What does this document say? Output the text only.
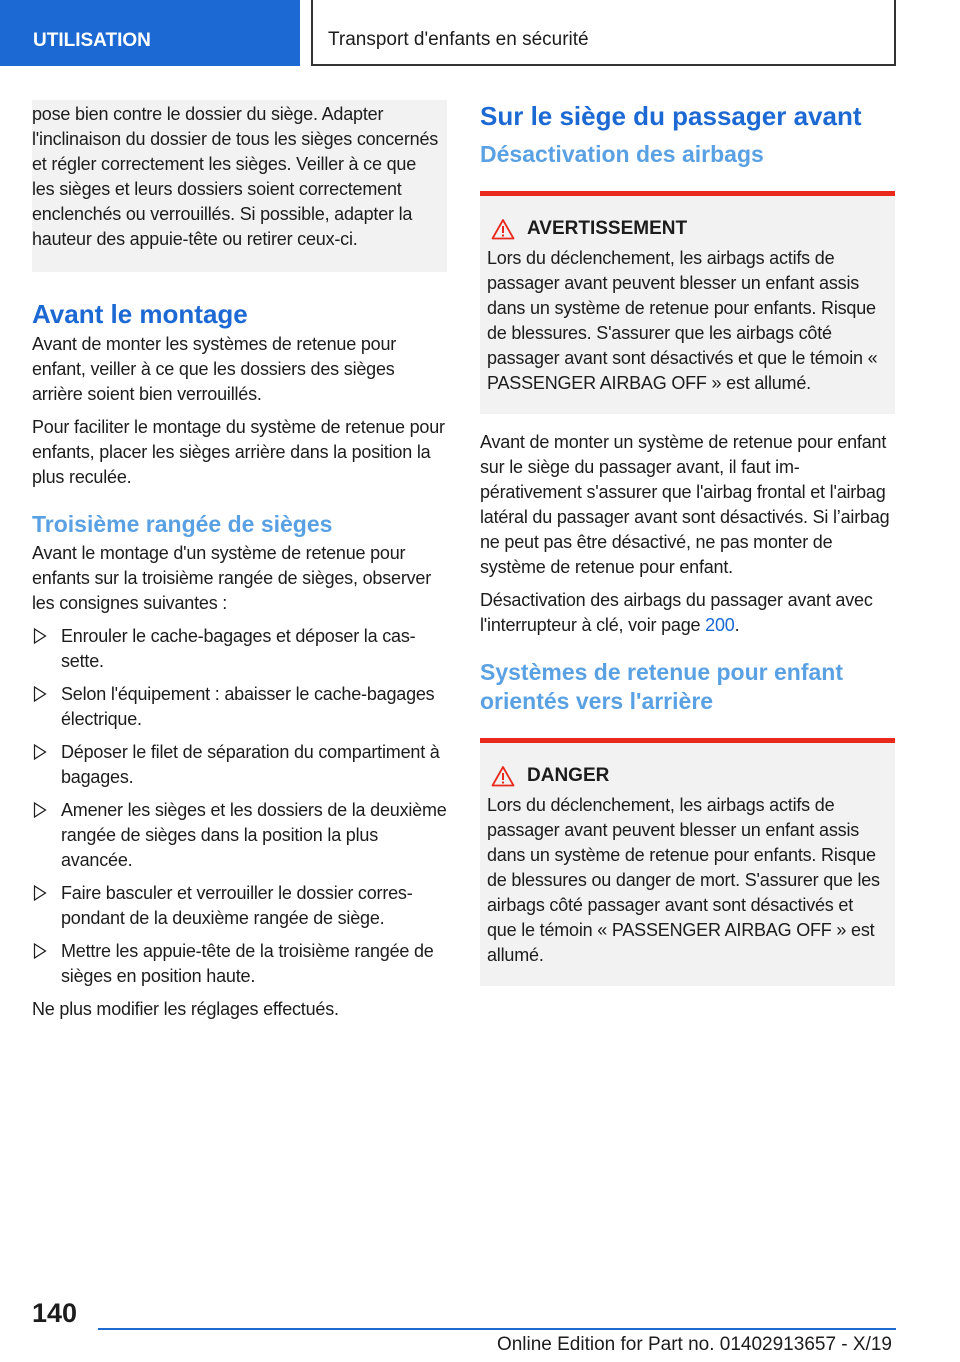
UTILISATION	Transport d'enfants en sécurité

pose bien contre le dossier du siège. Adapter l'inclinaison du dossier de tous les sièges concernés et régler correctement les sièges. Veiller à ce que les sièges et leurs dossiers soient correctement enclenchés ou verrouillés. Si possible, adapter la hauteur des appuie-tête ou retirer ceux-ci.

Avant le montage

Avant de monter les systèmes de retenue pour enfant, veiller à ce que les dossiers des sièges arrière soient bien verrouillés.

Pour faciliter le montage du système de retenue pour enfants, placer les sièges arrière dans la position la plus reculée.

Troisième rangée de sièges

Avant le montage d'un système de retenue pour enfants sur la troisième rangée de sièges, observer les consignes suivantes :

Enrouler le cache-bagages et déposer la cassette.
Selon l'équipement : abaisser le cache-bagages électrique.
Déposer le filet de séparation du compartiment à bagages.
Amener les sièges et les dossiers de la deuxième rangée de sièges dans la position la plus avancée.
Faire basculer et verrouiller le dossier correspondant de la deuxième rangée de siège.
Mettre les appuie-tête de la troisième rangée de sièges en position haute.

Ne plus modifier les réglages effectués.

Sur le siège du passager avant
Désactivation des airbags
AVERTISSEMENT

Lors du déclenchement, les airbags actifs de passager avant peuvent blesser un enfant assis dans un système de retenue pour enfants. Risque de blessures. S'assurer que les airbags côté passager avant sont désactivés et que le témoin « PASSENGER AIRBAG OFF » est allumé.

Avant de monter un système de retenue pour enfant sur le siège du passager avant, il faut impérativement s'assurer que l'airbag frontal et l'airbag latéral du passager avant sont désactivés. Si l’airbag ne peut pas être désactivé, ne pas monter de système de retenue pour enfant.

Désactivation des airbags du passager avant avec l'interrupteur à clé, voir page 200.

Systèmes de retenue pour enfant orientés vers l'arrière
DANGER

Lors du déclenchement, les airbags actifs de passager avant peuvent blesser un enfant assis dans un système de retenue pour enfants. Risque de blessures ou danger de mort. S'assurer que les airbags côté passager avant sont désactivés et que le témoin « PASSENGER AIRBAG OFF » est allumé.

140
Online Edition for Part no. 01402913657 - X/19
